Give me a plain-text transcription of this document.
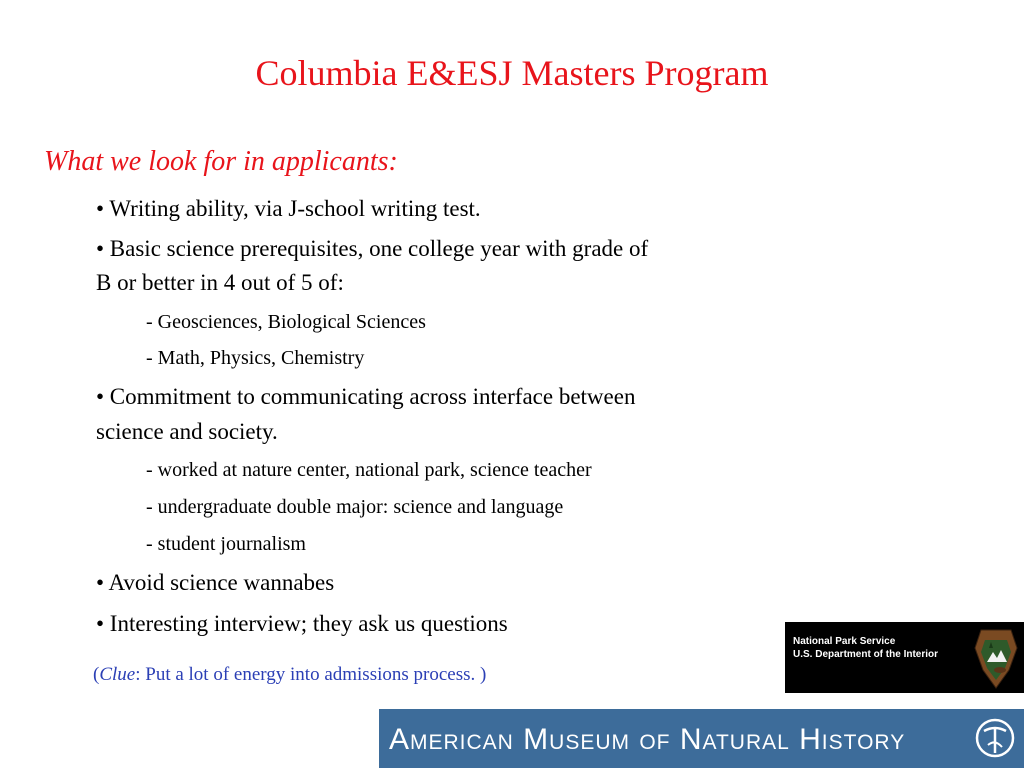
Columbia E&ESJ Masters Program
What we look for in applicants:
• Writing ability, via J-school writing test.
• Basic science prerequisites, one college year with grade of
B or better in 4 out of 5 of:
- Geosciences, Biological Sciences
- Math, Physics, Chemistry
• Commitment to communicating across interface between
science and society.
- worked at nature center, national park, science teacher
- undergraduate double major: science and language
- student journalism
• Avoid science wannabes
• Interesting interview; they ask us questions
(Clue: Put a lot of energy into admissions process. )
National Park Service
U.S. Department of the Interior
American Museum of Natural History
